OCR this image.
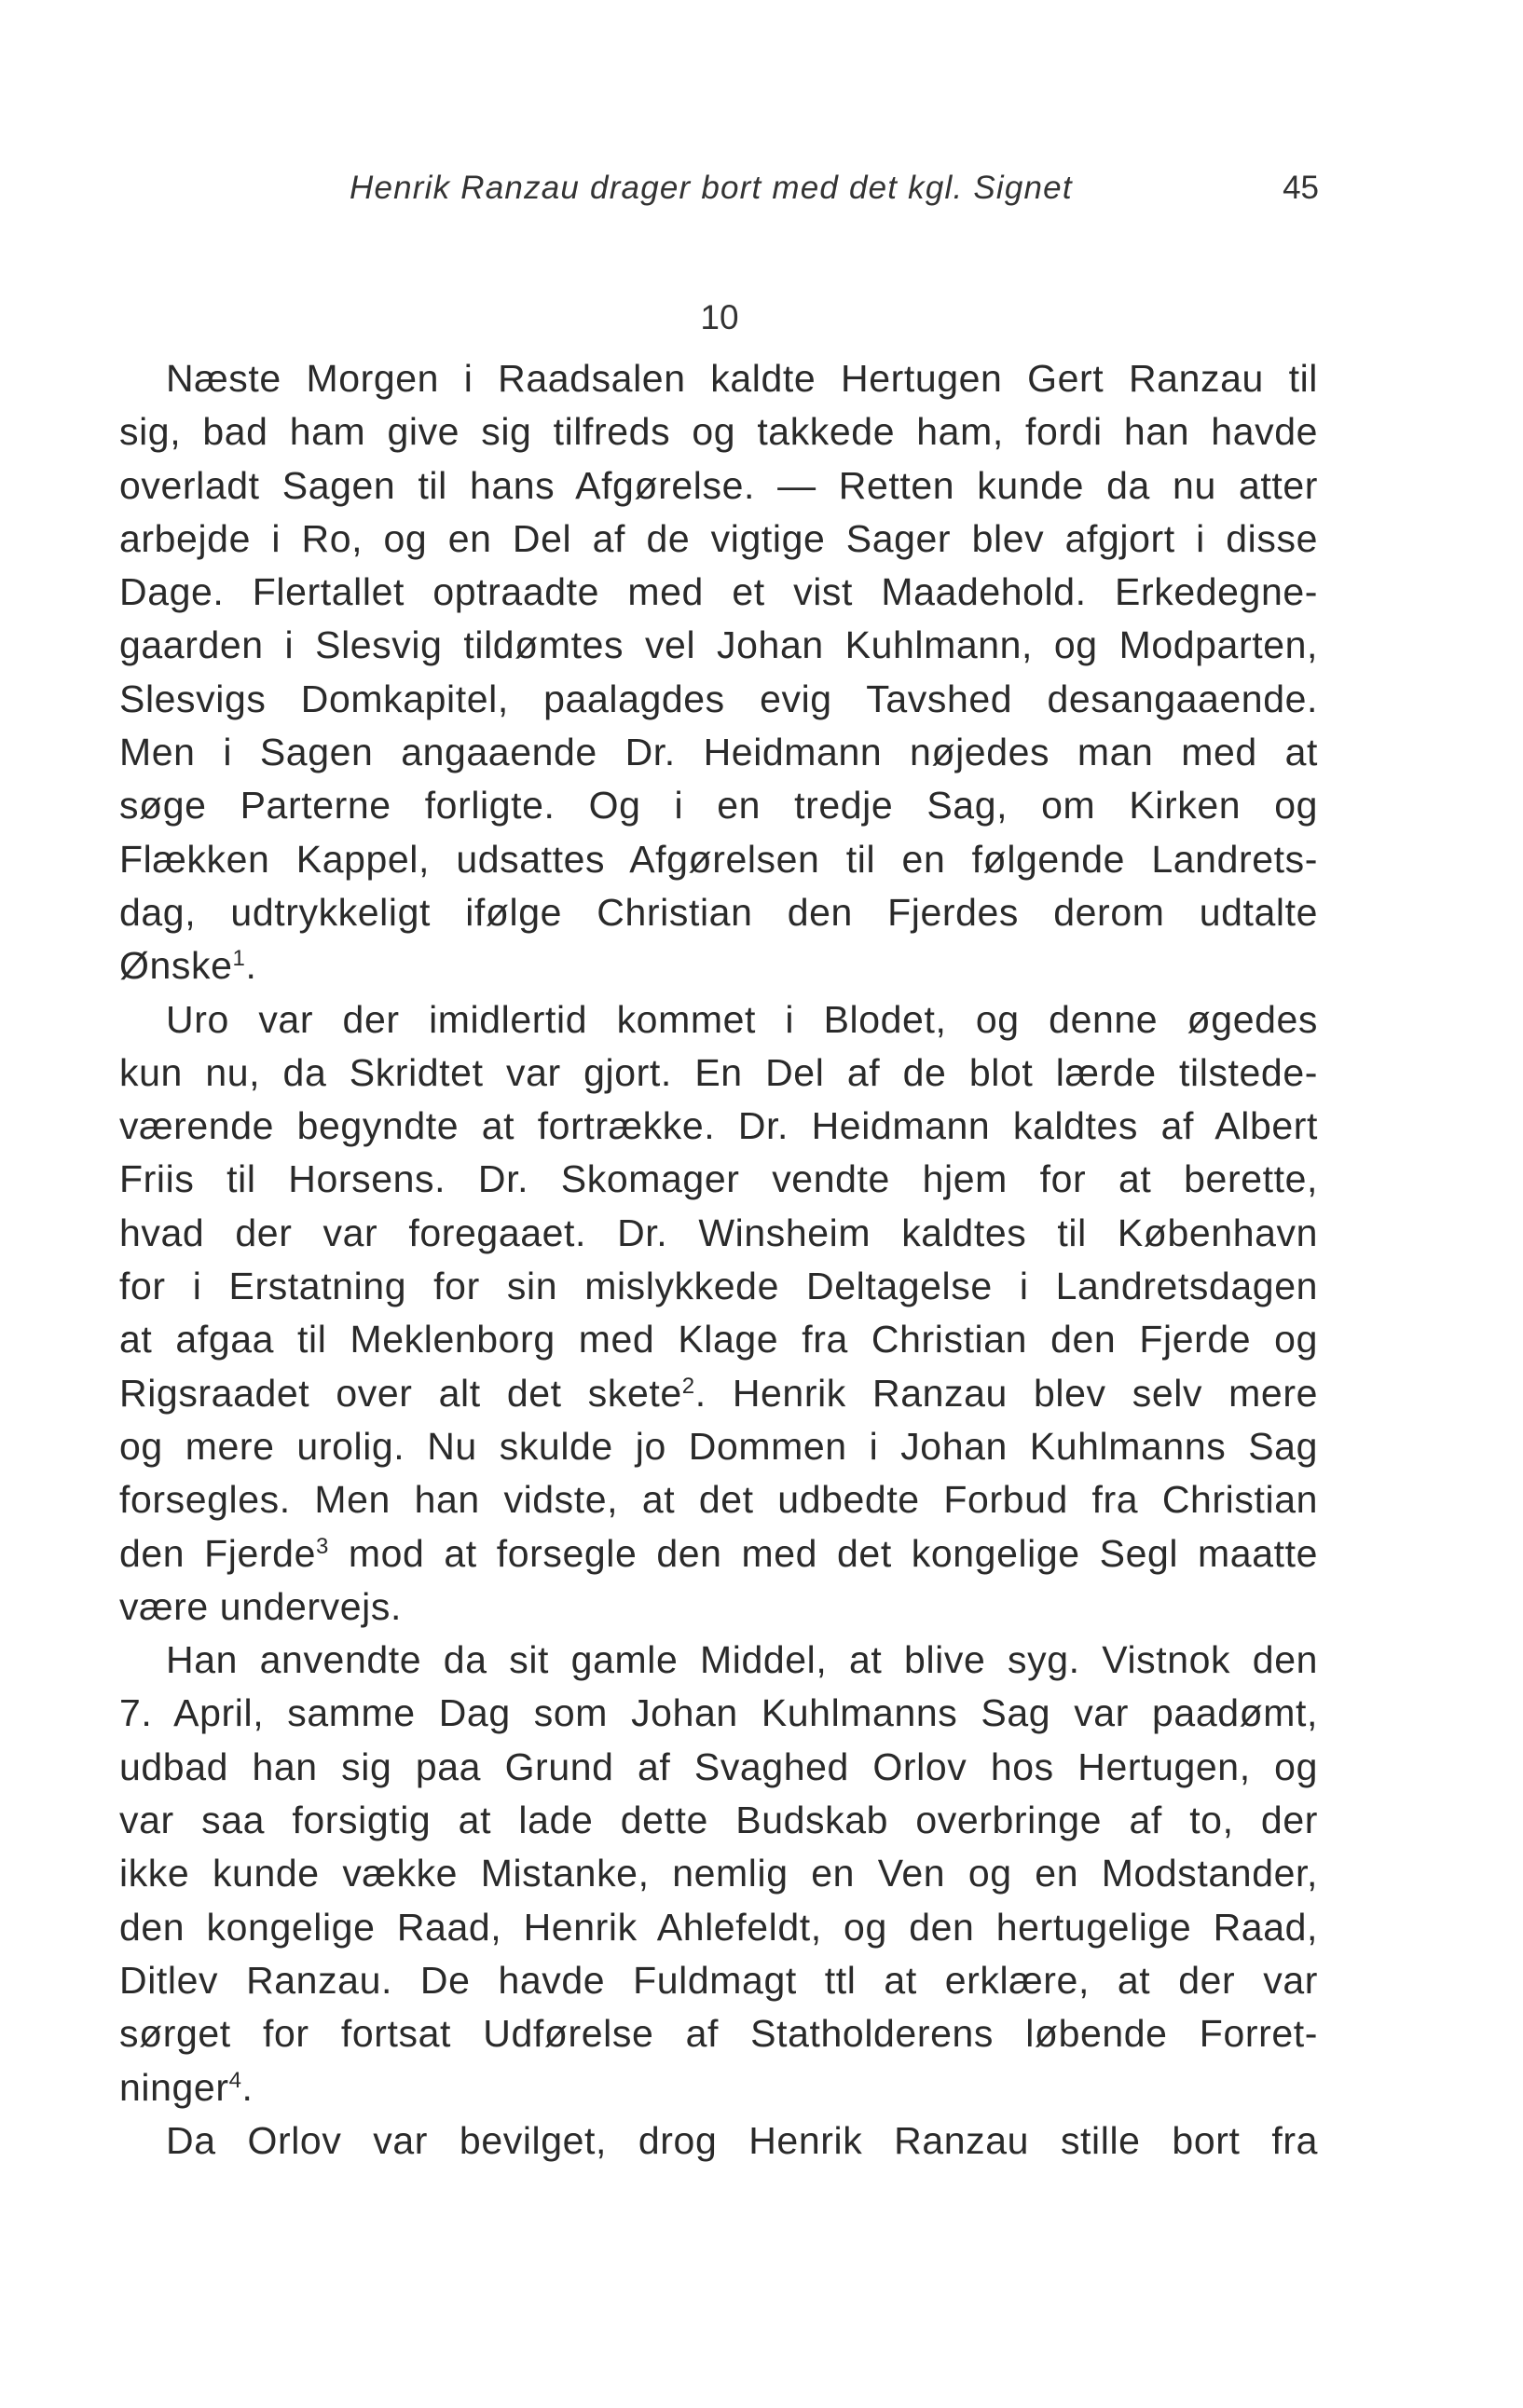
Henrik Ranzau drager bort med det kgl. Signet	45
10
Næste Morgen i Raadsalen kaldte Hertugen Gert Ranzau til
sig, bad ham give sig tilfreds og takkede ham, fordi han havde
overladt Sagen til hans Afgørelse. — Retten kunde da nu atter
arbejde i Ro, og en Del af de vigtige Sager blev afgjort i disse
Dage. Flertallet optraadte med et vist Maadehold. Erkedegne-
gaarden i Slesvig tildømtes vel Johan Kuhlmann, og Modparten,
Slesvigs Domkapitel, paalagdes evig Tavshed desangaaende.
Men i Sagen angaaende Dr. Heidmann nøjedes man med at
søge Parterne forligte. Og i en tredje Sag, om Kirken og
Flækken Kappel, udsattes Afgørelsen til en følgende Landrets-
dag, udtrykkeligt ifølge Christian den Fjerdes derom udtalte
Ønske$^1$.
Uro var der imidlertid kommet i Blodet, og denne øgedes
kun nu, da Skridtet var gjort. En Del af de blot lærde tilstede-
værende begyndte at fortrække. Dr. Heidmann kaldtes af Albert
Friis til Horsens. Dr. Skomager vendte hjem for at berette,
hvad der var foregaaet. Dr. Winsheim kaldtes til København
for i Erstatning for sin mislykkede Deltagelse i Landretsdagen
at afgaa til Meklenborg med Klage fra Christian den Fjerde og
Rigsraadet over alt det skete$^2$. Henrik Ranzau blev selv mere
og mere urolig. Nu skulde jo Dommen i Johan Kuhlmanns Sag
forsegles. Men han vidste, at det udbedte Forbud fra Christian
den Fjerde$^3$ mod at forsegle den med det kongelige Segl maatte
være undervejs.
Han anvendte da sit gamle Middel, at blive syg. Vistnok den
7. April, samme Dag som Johan Kuhlmanns Sag var paadømt,
udbad han sig paa Grund af Svaghed Orlov hos Hertugen, og
var saa forsigtig at lade dette Budskab overbringe af to, der
ikke kunde vække Mistanke, nemlig en Ven og en Modstander,
den kongelige Raad, Henrik Ahlefeldt, og den hertugelige Raad,
Ditlev Ranzau. De havde Fuldmagt ttl at erklære, at der var
sørget for fortsat Udførelse af Statholderens løbende Forret-
ninger$^4$.
Da Orlov var bevilget, drog Henrik Ranzau stille bort fra
